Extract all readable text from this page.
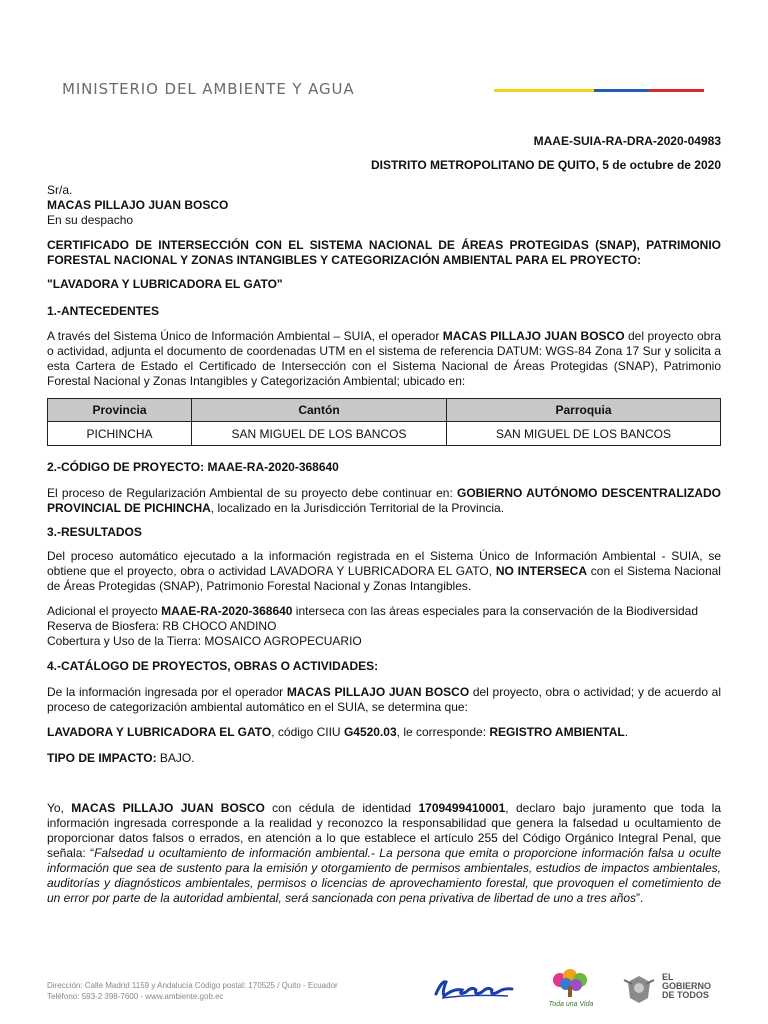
MINISTERIO DEL AMBIENTE Y AGUA
MAAE-SUIA-RA-DRA-2020-04983
DISTRITO METROPOLITANO DE QUITO, 5 de octubre de 2020
Sr/a.
MACAS PILLAJO JUAN BOSCO
En su despacho
CERTIFICADO DE INTERSECCIÓN CON EL SISTEMA NACIONAL DE ÁREAS PROTEGIDAS (SNAP), PATRIMONIO FORESTAL NACIONAL Y ZONAS INTANGIBLES Y CATEGORIZACIÓN AMBIENTAL PARA EL PROYECTO:
"LAVADORA Y LUBRICADORA EL GATO"
1.-ANTECEDENTES
A través del Sistema Único de Información Ambiental – SUIA, el operador MACAS PILLAJO JUAN BOSCO del proyecto obra o actividad, adjunta el documento de coordenadas UTM en el sistema de referencia DATUM: WGS-84 Zona 17 Sur y solicita a esta Cartera de Estado el Certificado de Intersección con el Sistema Nacional de Áreas Protegidas (SNAP), Patrimonio Forestal Nacional y Zonas Intangibles y Categorización Ambiental; ubicado en:
Provincia	Cantón	Parroquia
PICHINCHA	SAN MIGUEL DE LOS BANCOS	SAN MIGUEL DE LOS BANCOS
2.-CÓDIGO DE PROYECTO: MAAE-RA-2020-368640
El proceso de Regularización Ambiental de su proyecto debe continuar en: GOBIERNO AUTÓNOMO DESCENTRALIZADO PROVINCIAL DE PICHINCHA, localizado en la Jurisdicción Territorial de la Provincia.
3.-RESULTADOS
Del proceso automático ejecutado a la información registrada en el Sistema Único de Información Ambiental - SUIA, se obtiene que el proyecto, obra o actividad LAVADORA Y LUBRICADORA EL GATO, NO INTERSECA con el Sistema Nacional de Áreas Protegidas (SNAP), Patrimonio Forestal Nacional y Zonas Intangibles.
Adicional el proyecto MAAE-RA-2020-368640 interseca con las áreas especiales para la conservación de la Biodiversidad
Reserva de Biosfera: RB CHOCO ANDINO
Cobertura y Uso de la Tierra: MOSAICO AGROPECUARIO
4.-CATÁLOGO DE PROYECTOS, OBRAS O ACTIVIDADES:
De la información ingresada por el operador MACAS PILLAJO JUAN BOSCO del proyecto, obra o actividad; y de acuerdo al proceso de categorización ambiental automático en el SUIA, se determina que:
LAVADORA Y LUBRICADORA EL GATO, código CIIU G4520.03, le corresponde: REGISTRO AMBIENTAL.
TIPO DE IMPACTO: BAJO.
Yo, MACAS PILLAJO JUAN BOSCO con cédula de identidad 1709499410001, declaro bajo juramento que toda la información ingresada corresponde a la realidad y reconozco la responsabilidad que genera la falsedad u ocultamiento de proporcionar datos falsos o errados, en atención a lo que establece el artículo 255 del Código Orgánico Integral Penal, que señala: “Falsedad u ocultamiento de información ambiental.- La persona que emita o proporcione información falsa u oculte información que sea de sustento para la emisión y otorgamiento de permisos ambientales, estudios de impactos ambientales, auditorías y diagnósticos ambientales, permisos o licencias de aprovechamiento forestal, que provoquen el cometimiento de un error por parte de la autoridad ambiental, será sancionada con pena privativa de libertad de uno a tres años”.
Dirección: Calle Madrid 1159 y Andalucía Código postal: 170525 / Quito - Ecuador
Teléfono: 593-2 398-7600 - www.ambiente.gob.ec
Toda una Vida
EL
GOBIERNO
DE TODOS
